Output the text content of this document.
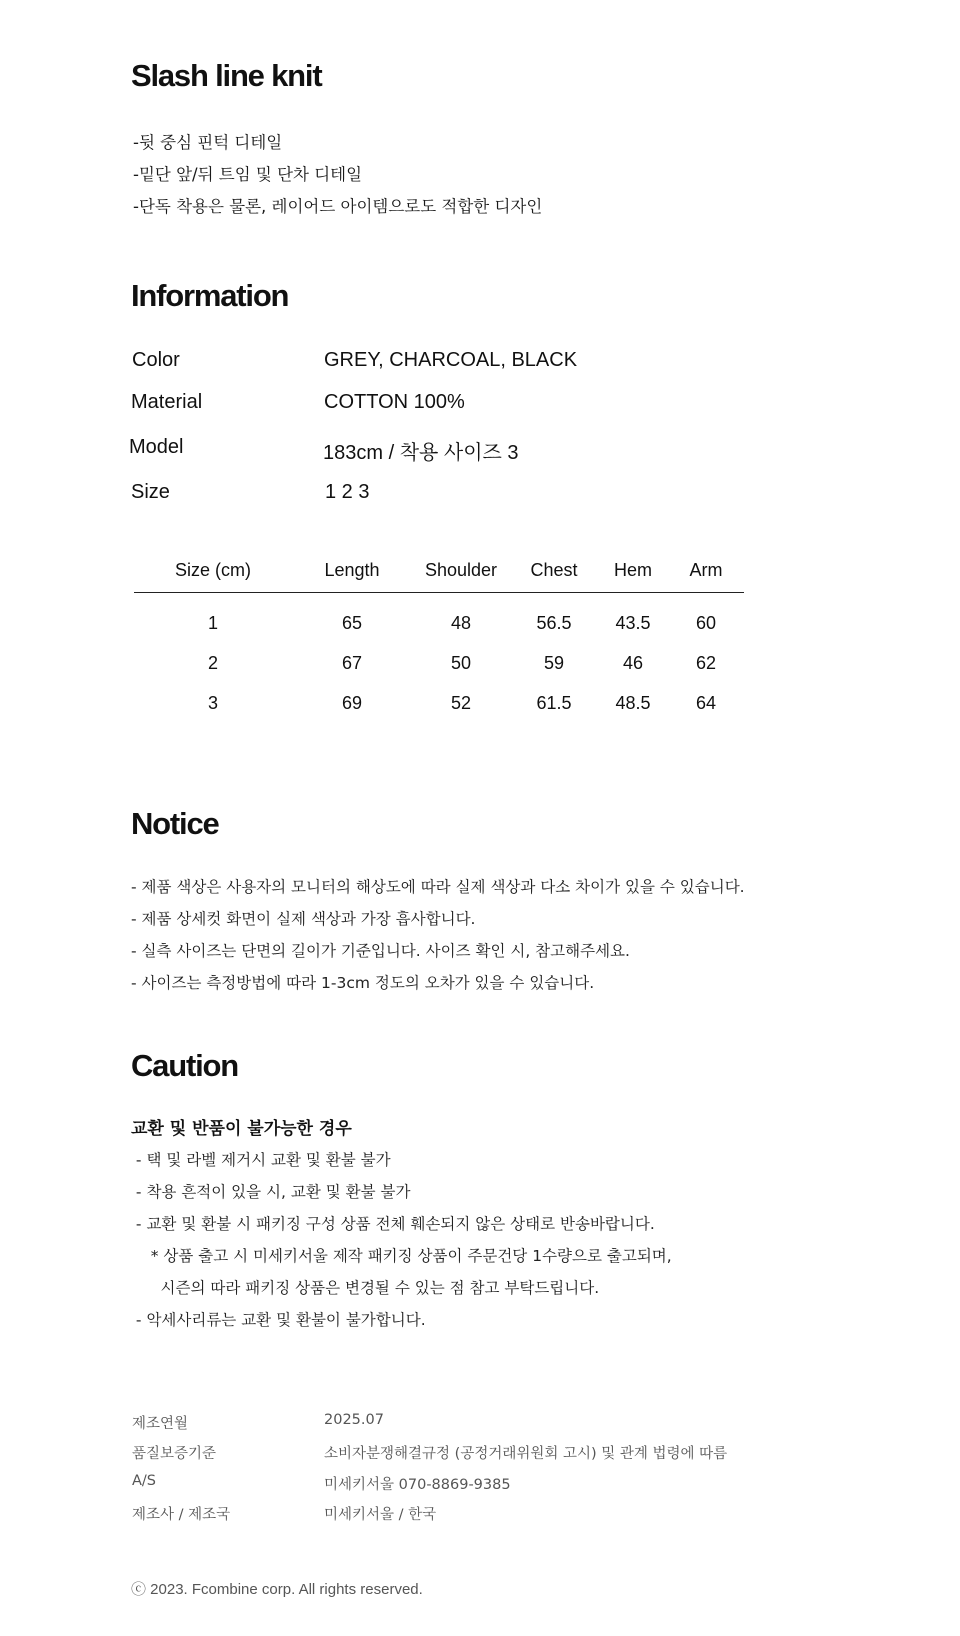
Slash line knit
-뒷 중심 핀턱 디테일
-밑단 앞/뒤 트임 및 단차 디테일
-단독 착용은 물론, 레이어드 아이템으로도 적합한 디자인
Information
Color	GREY, CHARCOAL, BLACK
Material	COTTON 100%
Model	183cm / 착용 사이즈 3
Size	1 2 3
Size (cm)	Length	Shoulder	Chest	Hem	Arm
1	65	48	56.5	43.5	60
2	67	50	59	46	62
3	69	52	61.5	48.5	64
Notice
- 제품 색상은 사용자의 모니터의 해상도에 따라 실제 색상과 다소 차이가 있을 수 있습니다.
- 제품 상세컷 화면이 실제 색상과 가장 흡사합니다.
- 실측 사이즈는 단면의 길이가 기준입니다. 사이즈 확인 시, 참고해주세요.
- 사이즈는 측정방법에 따라 1-3cm 정도의 오차가 있을 수 있습니다.
Caution
교환 및 반품이 불가능한 경우
- 택 및 라벨 제거시 교환 및 환불 불가
- 착용 흔적이 있을 시, 교환 및 환불 불가
- 교환 및 환불 시 패키징 구성 상품 전체 훼손되지 않은 상태로 반송바랍니다.
* 상품 출고 시 미세키서울 제작 패키징 상품이 주문건당 1수량으로 출고되며,
시즌의 따라 패키징 상품은 변경될 수 있는 점 참고 부탁드립니다.
- 악세사리류는 교환 및 환불이 불가합니다.
제조연월	2025.07
품질보증기준	소비자분쟁해결규정 (공정거래위원회 고시) 및 관계 법령에 따름
A/S	미세키서울 070-8869-9385
제조사 / 제조국	미세키서울 / 한국
ⓒ 2023. Fcombine corp. All rights reserved.
